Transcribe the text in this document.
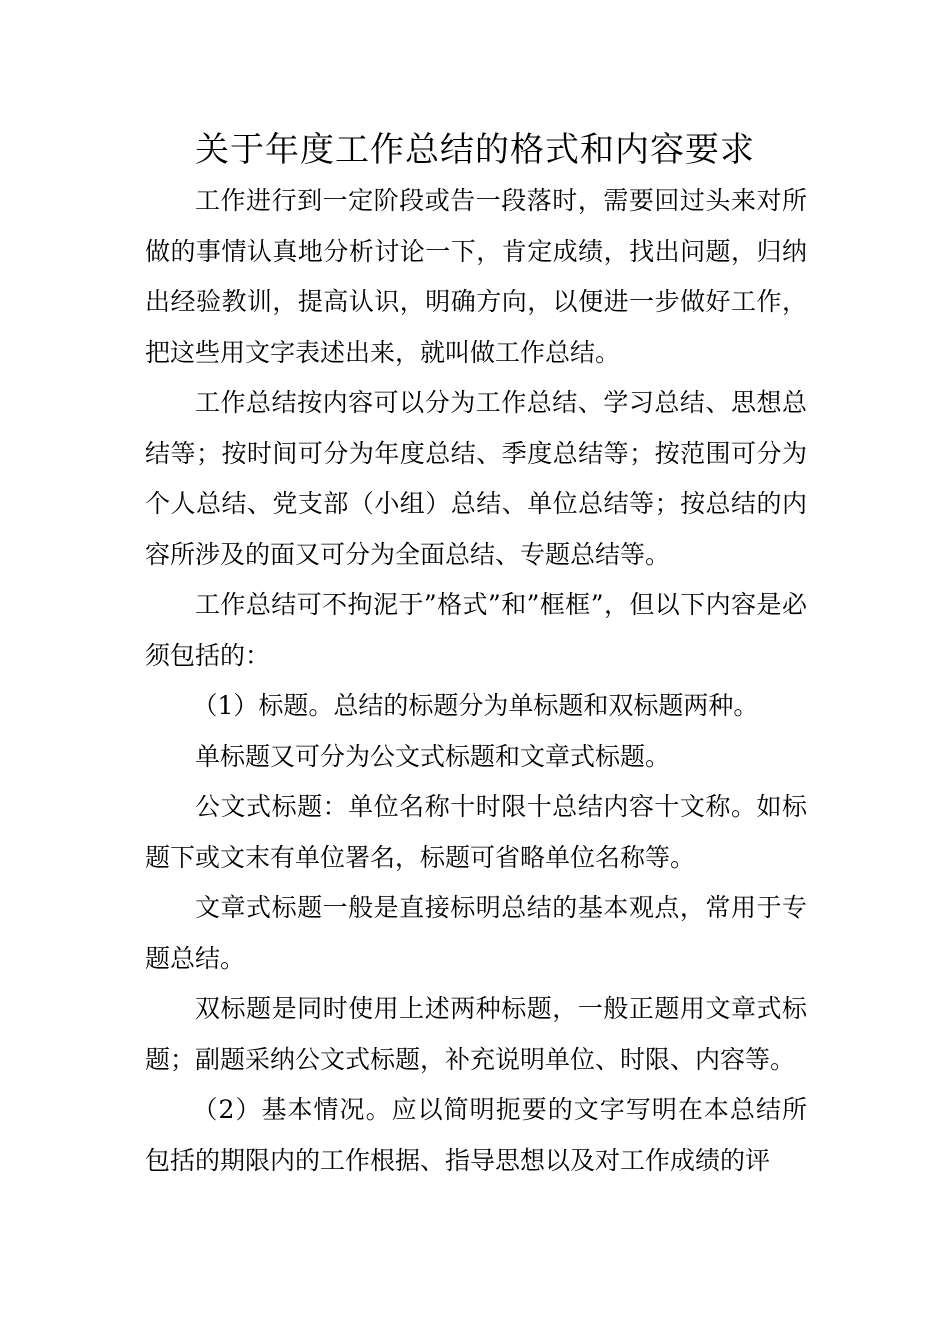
关于年度工作总结的格式和内容要求

工作进行到一定阶段或告一段落时，需要回过头来对所做的事情认真地分析讨论一下，肯定成绩，找出问题，归纳出经验教训，提高认识，明确方向，以便进一步做好工作，把这些用文字表述出来，就叫做工作总结。

工作总结按内容可以分为工作总结、学习总结、思想总结等；按时间可分为年度总结、季度总结等；按范围可分为个人总结、党支部（小组）总结、单位总结等；按总结的内容所涉及的面又可分为全面总结、专题总结等。

工作总结可不拘泥于”格式”和”框框”，但以下内容是必须包括的：

（1）标题。总结的标题分为单标题和双标题两种。

单标题又可分为公文式标题和文章式标题。

公文式标题：单位名称十时限十总结内容十文称。如标题下或文末有单位署名，标题可省略单位名称等。

文章式标题一般是直接标明总结的基本观点，常用于专题总结。

双标题是同时使用上述两种标题，一般正题用文章式标题；副题采纳公文式标题，补充说明单位、时限、内容等。

（2）基本情况。应以简明扼要的文字写明在本总结所包括的期限内的工作根据、指导思想以及对工作成绩的评
